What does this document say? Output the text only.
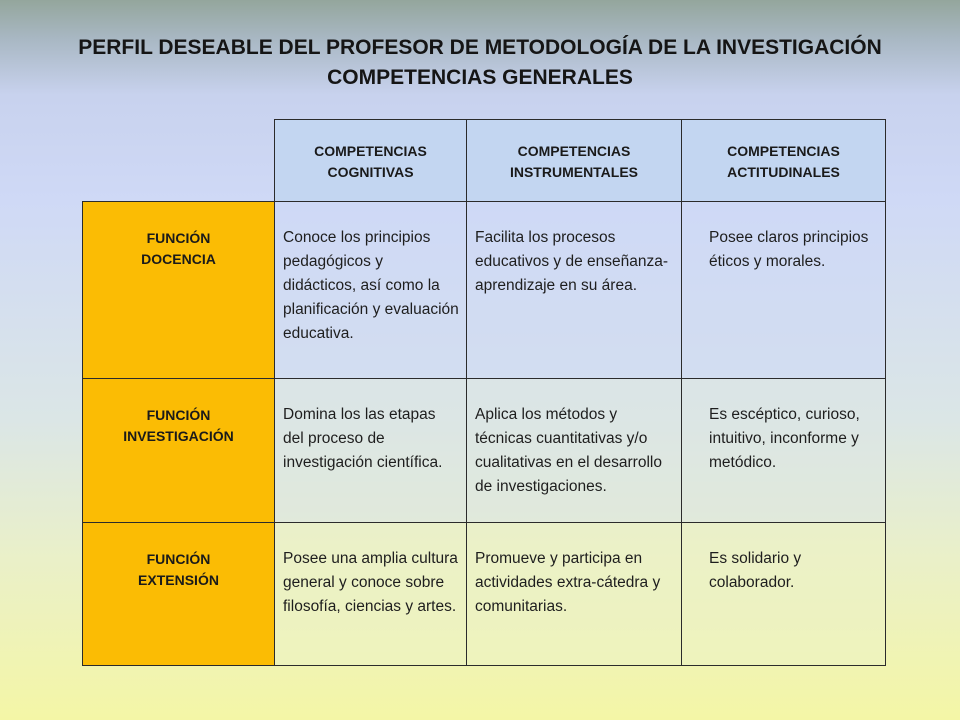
PERFIL DESEABLE DEL PROFESOR DE METODOLOGÍA DE LA INVESTIGACIÓN
COMPETENCIAS GENERALES
COMPETENCIAS
COGNITIVAS
COMPETENCIAS
INSTRUMENTALES
COMPETENCIAS
ACTITUDINALES
FUNCIÓN
DOCENCIA
Conoce los principios pedagógicos y didácticos, así como la planificación y evaluación educativa.
Facilita los procesos educativos y de enseñanza-aprendizaje en su área.
Posee claros principios éticos y morales.
FUNCIÓN
INVESTIGACIÓN
Domina los las etapas del proceso de investigación científica.
Aplica los métodos y técnicas cuantitativas y/o cualitativas en el desarrollo de investigaciones.
Es escéptico, curioso, intuitivo, inconforme y metódico.
FUNCIÓN
EXTENSIÓN
Posee una amplia cultura general y conoce sobre filosofía, ciencias y artes.
Promueve y participa en actividades extra-cátedra y comunitarias.
Es solidario y colaborador.
